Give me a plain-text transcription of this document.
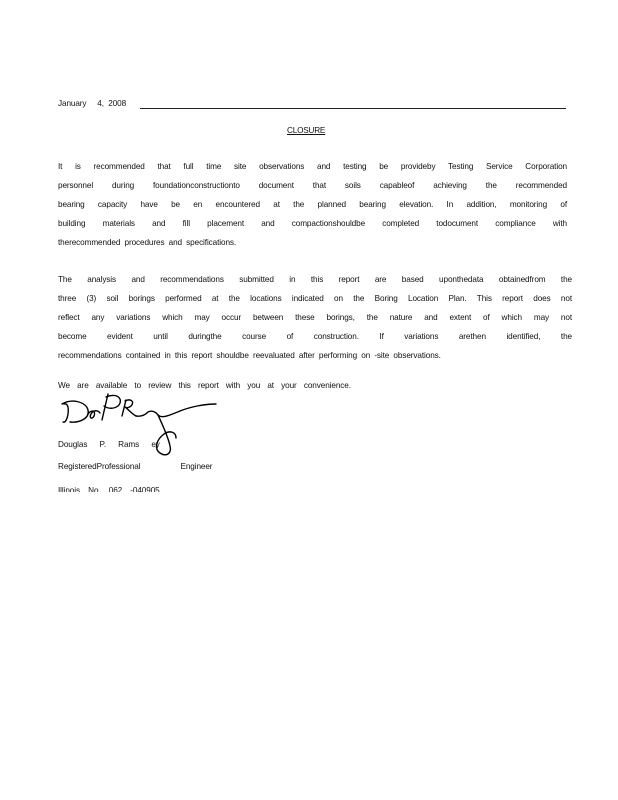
January     4,  2008
CLOSURE
It is recommended that full time site observations and testing be provideby Testing Service Corporation
personnel during foundationconstructionto document that soils capableof achieving the recommended
bearing capacity have be en encountered at the planned bearing elevation. In addition, monitoring of
building materials and fill placement and compactionshouldbe completed todocument compliance with
therecommended procedures and specifications.
The analysis and recommendations submitted in this report are based uponthedata obtainedfrom the
three (3) soil borings performed at the locations indicated on the Boring Location Plan. This report does not
reflect any variations which may occur between these borings, the nature and extent of which may not
become evident until duringthe course of construction. If variations arethen identified, the
recommendations contained in this report shouldbe reevaluated after performing on -site observations.
We are available to review this report with you at your convenience.
Douglas P. Rams ey
RegisteredProfessional	Engineer
Illinois No. 062 -040905
